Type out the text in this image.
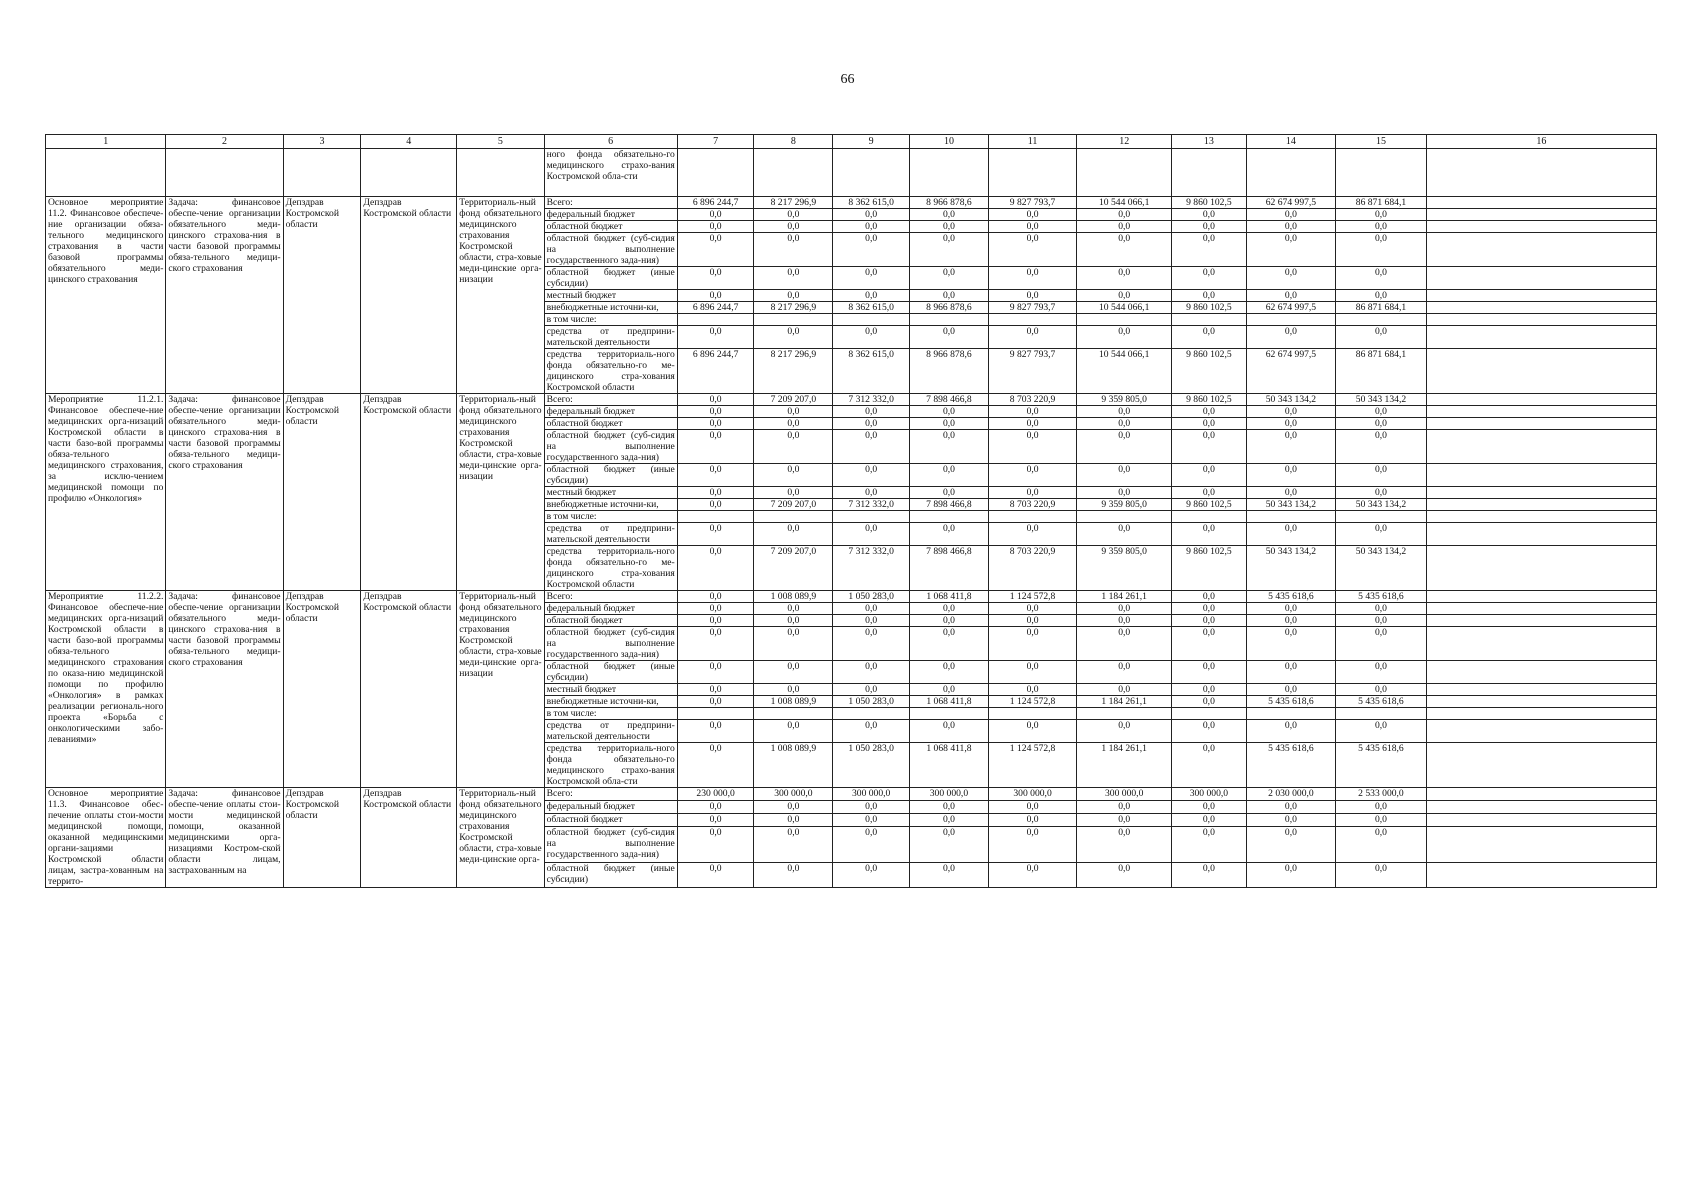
66
1	2	3	4	5	6	7	8	9	10	11	12	13	14	15	16
					ного фонда обязательно-го медицинского страхо-вания Костромской обла-сти										
Основное мероприятие 11.2. Финансовое обеспече-ние организации обяза-тельного медицинского страхования в части базовой программы обязательного меди-цинского страхования	Задача: финансовое обеспе-чение организации обязательного меди-цинского страхова-ния в части базовой программы обяза-тельного медици-ского страхования	Депздрав Костромской области	Депздрав Костромской области	Территориаль-ный фонд обязательного медицинского страхования Костромской области, стра-ховые меди-цинские орга-низации	Всего:	6 896 244,7	8 217 296,9	8 362 615,0	8 966 878,6	9 827 793,7	10 544 066,1	9 860 102,5	62 674 997,5	86 871 684,1	
					федеральный бюджет	0,0	0,0	0,0	0,0	0,0	0,0	0,0	0,0	0,0	
					областной бюджет	0,0	0,0	0,0	0,0	0,0	0,0	0,0	0,0	0,0	
					областной бюджет (суб-сидия на выполнение государственного зада-ния)	0,0	0,0	0,0	0,0	0,0	0,0	0,0	0,0	0,0	
					областной бюджет (иные субсидии)	0,0	0,0	0,0	0,0	0,0	0,0	0,0	0,0	0,0	
					местный бюджет	0,0	0,0	0,0	0,0	0,0	0,0	0,0	0,0	0,0	
					внебюджетные источни-ки,	6 896 244,7	8 217 296,9	8 362 615,0	8 966 878,6	9 827 793,7	10 544 066,1	9 860 102,5	62 674 997,5	86 871 684,1	
					в том числе:										
					средства от предприни-мательской деятельности	0,0	0,0	0,0	0,0	0,0	0,0	0,0	0,0	0,0	
					средства территориаль-ного фонда обязательно-го ме-дицинского стра-хования Костромской области	6 896 244,7	8 217 296,9	8 362 615,0	8 966 878,6	9 827 793,7	10 544 066,1	9 860 102,5	62 674 997,5	86 871 684,1	
Мероприятие 11.2.1. Финансовое обеспече-ние медицинских орга-низаций Костромской области в части базо-вой программы обяза-тельного медицинского страхования, за исклю-чением медицинской помощи по профилю «Онкология»	Задача: финансовое обеспе-чение организации обязательного меди-цинского страхова-ния в части базовой программы обяза-тельного медици-ского страхования	Депздрав Костромской области	Депздрав Костромской области	Территориаль-ный фонд обязательного медицинского страхования Костромской области, стра-ховые меди-цинские орга-низации	Всего:	0,0	7 209 207,0	7 312 332,0	7 898 466,8	8 703 220,9	9 359 805,0	9 860 102,5	50 343 134,2	50 343 134,2	
					федеральный бюджет	0,0	0,0	0,0	0,0	0,0	0,0	0,0	0,0	0,0	
					областной бюджет	0,0	0,0	0,0	0,0	0,0	0,0	0,0	0,0	0,0	
					областной бюджет (суб-сидия на выполнение государственного зада-ния)	0,0	0,0	0,0	0,0	0,0	0,0	0,0	0,0	0,0	
					областной бюджет (иные субсидии)	0,0	0,0	0,0	0,0	0,0	0,0	0,0	0,0	0,0	
					местный бюджет	0,0	0,0	0,0	0,0	0,0	0,0	0,0	0,0	0,0	
					внебюджетные источни-ки,	0,0	7 209 207,0	7 312 332,0	7 898 466,8	8 703 220,9	9 359 805,0	9 860 102,5	50 343 134,2	50 343 134,2	
					в том числе:										
					средства от предприни-мательской деятельности	0,0	0,0	0,0	0,0	0,0	0,0	0,0	0,0	0,0	
					средства территориаль-ного фонда обязательно-го ме-дицинского стра-хования Костромской области	0,0	7 209 207,0	7 312 332,0	7 898 466,8	8 703 220,9	9 359 805,0	9 860 102,5	50 343 134,2	50 343 134,2	
Мероприятие 11.2.2. Финансовое обеспече-ние медицинских орга-низаций Костромской области в части базо-вой программы обяза-тельного медицинского страхования по оказа-нию медицинской помощи по профилю «Онкология» в рамках реализации региональ-ного проекта «Борьба с онкологическими забо-леваниями»	Задача: финансовое обеспе-чение организации обязательного меди-цинского страхова-ния в части базовой программы обяза-тельного медици-ского страхования	Депздрав Костромской области	Депздрав Костромской области	Территориаль-ный фонд обязательного медицинского страхования Костромской области, стра-ховые меди-цинские орга-низации	Всего:	0,0	1 008 089,9	1 050 283,0	1 068 411,8	1 124 572,8	1 184 261,1	0,0	5 435 618,6	5 435 618,6	
					федеральный бюджет	0,0	0,0	0,0	0,0	0,0	0,0	0,0	0,0	0,0	
					областной бюджет	0,0	0,0	0,0	0,0	0,0	0,0	0,0	0,0	0,0	
					областной бюджет (суб-сидия на выполнение государственного зада-ния)	0,0	0,0	0,0	0,0	0,0	0,0	0,0	0,0	0,0	
					областной бюджет (иные субсидии)	0,0	0,0	0,0	0,0	0,0	0,0	0,0	0,0	0,0	
					местный бюджет	0,0	0,0	0,0	0,0	0,0	0,0	0,0	0,0	0,0	
					внебюджетные источни-ки,	0,0	1 008 089,9	1 050 283,0	1 068 411,8	1 124 572,8	1 184 261,1	0,0	5 435 618,6	5 435 618,6	
					в том числе:										
					средства от предприни-мательской деятельности	0,0	0,0	0,0	0,0	0,0	0,0	0,0	0,0	0,0	
					средства территориаль-ного фонда обязательно-го медицинского страхо-вания Костромской обла-сти	0,0	1 008 089,9	1 050 283,0	1 068 411,8	1 124 572,8	1 184 261,1	0,0	5 435 618,6	5 435 618,6	
Основное мероприятие 11.3. Финансовое обес-печение оплаты стои-мости медицинской помощи, оказанной медицинскими органи-зациями Костромской области лицам, застра-хованным на террито-	Задача: финансовое обеспе-чение оплаты стои-мости медицинской помощи, оказанной медицинскими орга-низациями Костром-ской области лицам, застрахованным на	Депздрав Костромской области	Депздрав Костромской области	Территориаль-ный фонд обязательного медицинского страхования Костромской области, стра-ховые меди-цинские орга-	Всего:	230 000,0	300 000,0	300 000,0	300 000,0	300 000,0	300 000,0	300 000,0	2 030 000,0	2 533 000,0	
					федеральный бюджет	0,0	0,0	0,0	0,0	0,0	0,0	0,0	0,0	0,0	
					областной бюджет	0,0	0,0	0,0	0,0	0,0	0,0	0,0	0,0	0,0	
					областной бюджет (суб-сидия на выполнение государственного зада-ния)	0,0	0,0	0,0	0,0	0,0	0,0	0,0	0,0	0,0	
					областной бюджет (иные субсидии)	0,0	0,0	0,0	0,0	0,0	0,0	0,0	0,0	0,0	
